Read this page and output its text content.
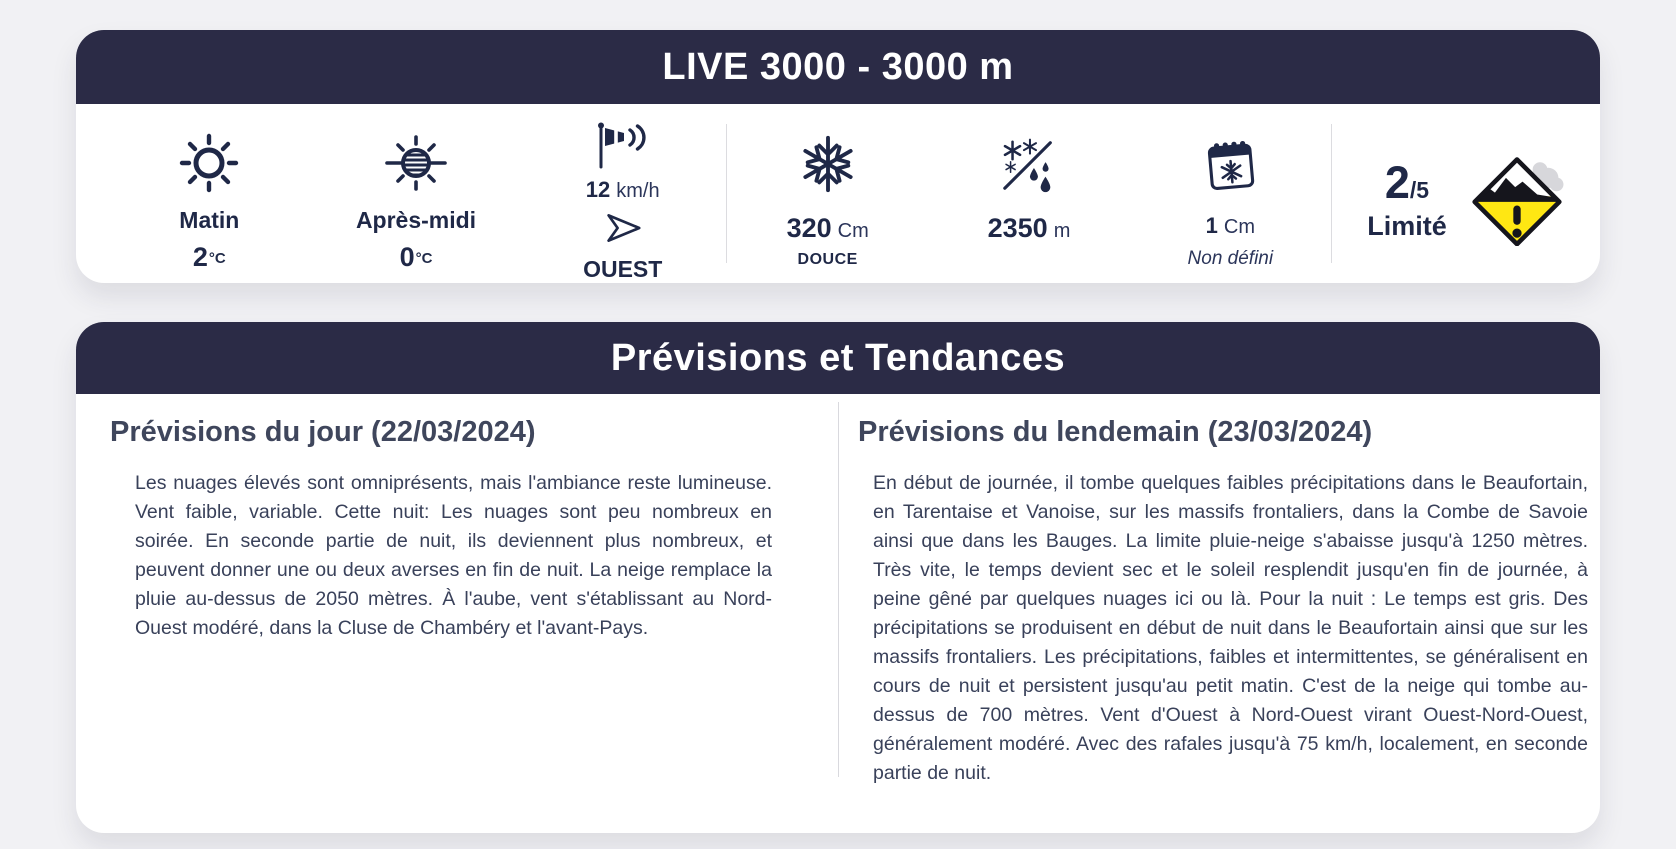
LIVE 3000 - 3000 m
Matin
2°C
Après-midi
0°C
12 km/h
OUEST
320 Cm
DOUCE
2350 m	1 Cm
Non défini
2/5
Limité
Prévisions et Tendances
Prévisions du jour (22/03/2024)

Les nuages élevés sont omniprésents, mais l'ambiance reste lumineuse. Vent faible, variable. Cette nuit: Les nuages sont peu nombreux en soirée. En seconde partie de nuit, ils deviennent plus nombreux, et peuvent donner une ou deux averses en fin de nuit. La neige remplace la pluie au-dessus de 2050 mètres. À l'aube, vent s'établissant au Nord-Ouest modéré, dans la Cluse de Chambéry et l'avant-Pays.

Prévisions du lendemain (23/03/2024)

En début de journée, il tombe quelques faibles précipitations dans le Beaufortain, en Tarentaise et Vanoise, sur les massifs frontaliers, dans la Combe de Savoie ainsi que dans les Bauges. La limite pluie-neige s'abaisse jusqu'à 1250 mètres. Très vite, le temps devient sec et le soleil resplendit jusqu'en fin de journée, à peine gêné par quelques nuages ici ou là. Pour la nuit : Le temps est gris. Des précipitations se produisent en début de nuit dans le Beaufortain ainsi que sur les massifs frontaliers. Les précipitations, faibles et intermittentes, se généralisent en cours de nuit et persistent jusqu'au petit matin. C'est de la neige qui tombe au-dessus de 700 mètres. Vent d'Ouest à Nord-Ouest virant Ouest-Nord-Ouest, généralement modéré. Avec des rafales jusqu'à 75 km/h, localement, en seconde partie de nuit.
